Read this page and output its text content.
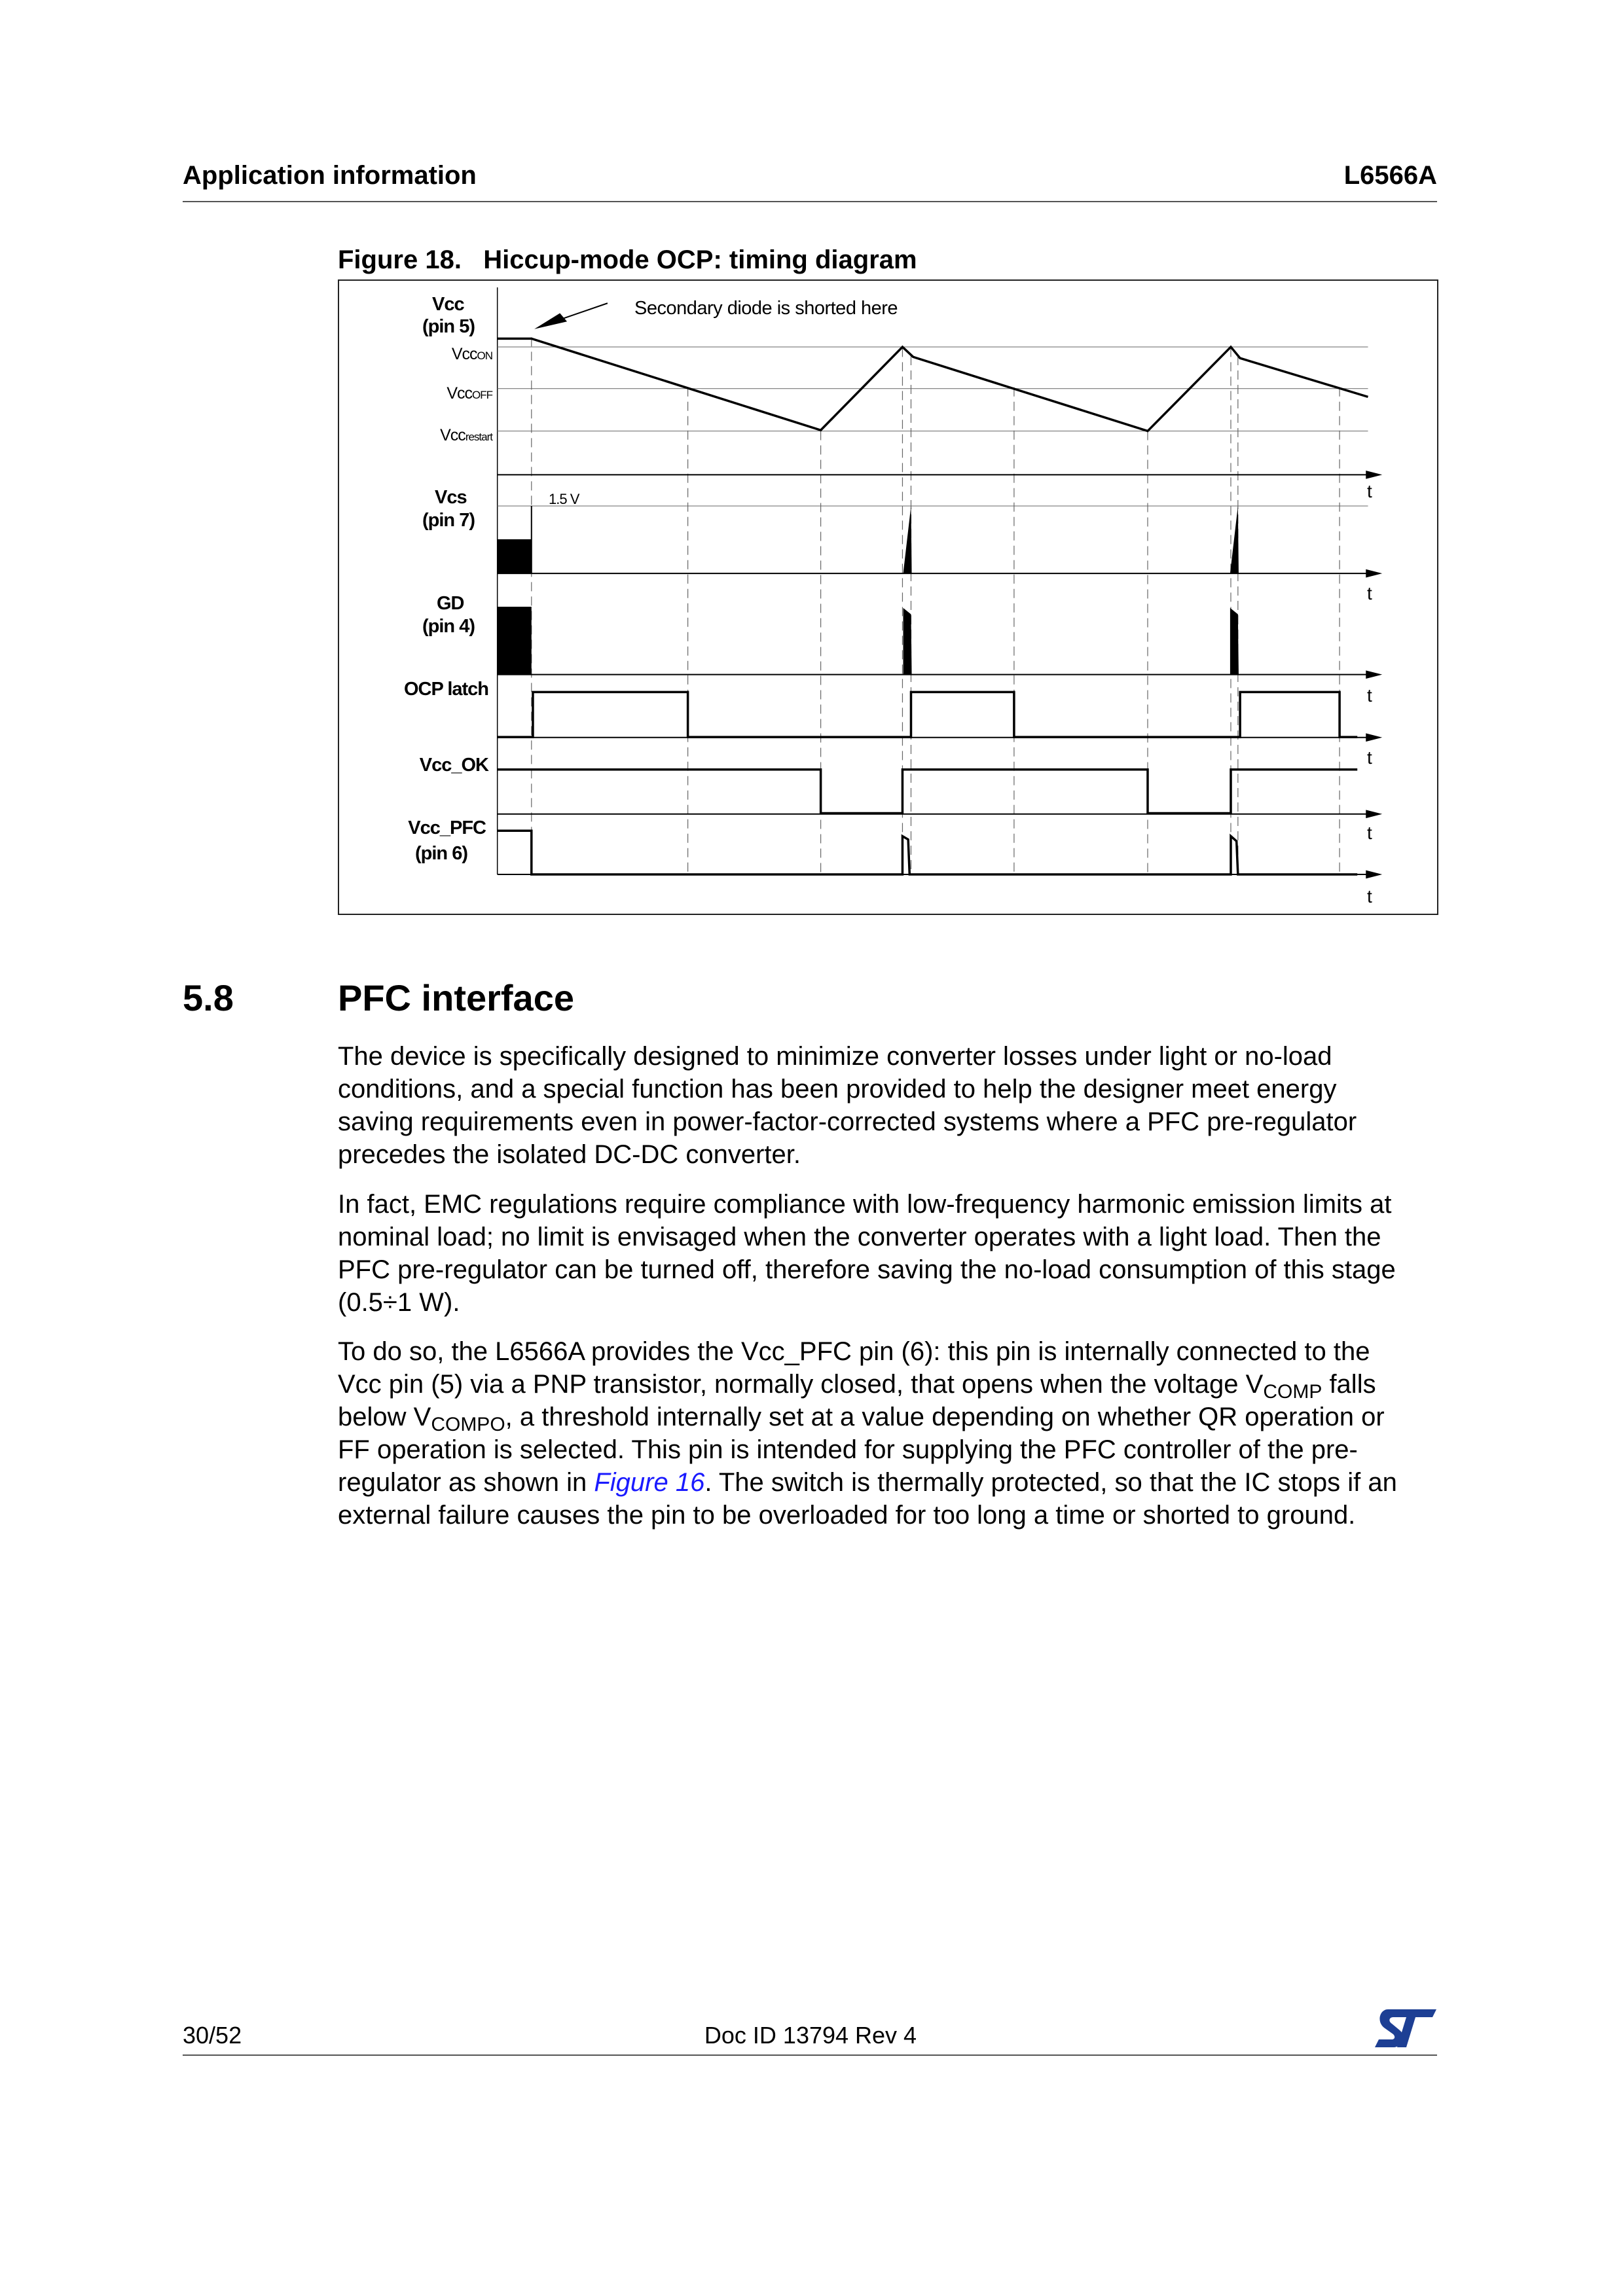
Application information	L6566A
Figure 18. Hiccup-mode OCP: timing diagram
Vcc
(pin 5)
VccON
VccOFF
Vccrestart
Secondary diode is shorted here
Vcs
(pin 7)
1.5 V
GD
(pin 4)
OCP latch
Vcc_OK
Vcc_PFC
(pin 6)
t
t
t
t
t
t
5.8	PFC interface
The device is specifically designed to minimize converter losses under light or no-load
conditions, and a special function has been provided to help the designer meet energy
saving requirements even in power-factor-corrected systems where a PFC pre-regulator
precedes the isolated DC-DC converter.
In fact, EMC regulations require compliance with low-frequency harmonic emission limits at
nominal load; no limit is envisaged when the converter operates with a light load. Then the
PFC pre-regulator can be turned off, therefore saving the no-load consumption of this stage
(0.5÷1 W).
To do so, the L6566A provides the Vcc_PFC pin (6): this pin is internally connected to the
Vcc pin (5) via a PNP transistor, normally closed, that opens when the voltage $V_{COMP}$ falls
below $V_{COMPO}$, a threshold internally set at a value depending on whether QR operation or
FF operation is selected. This pin is intended for supplying the PFC controller of the pre-
regulator as shown in Figure 16. The switch is thermally protected, so that the IC stops if an
external failure causes the pin to be overloaded for too long a time or shorted to ground.
30/52	Doc ID 13794 Rev 4
